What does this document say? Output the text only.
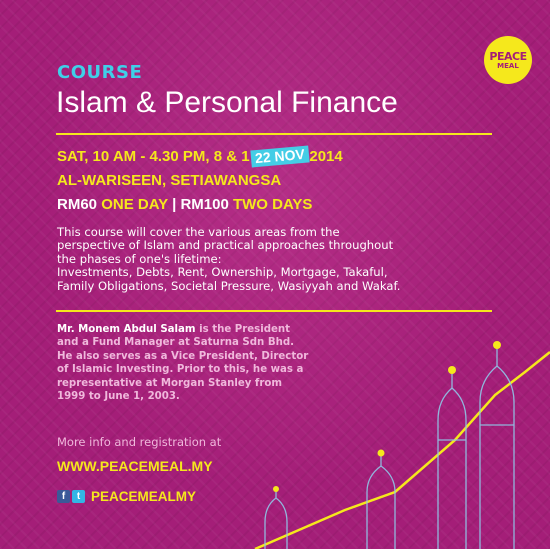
PEACE
MEAL
COURSE
Islam & Personal Finance
SAT, 10 AM - 4.30 PM, 8 & 1 22 NOV 2014
AL-WARISEEN, SETIAWANGSA
RM60 ONE DAY | RM100 TWO DAYS

This course will cover the various areas from the

perspective of Islam and practical approaches throughout

the phases of one's lifetime:

Investments, Debts, Rent, Ownership, Mortgage, Takaful,

Family Obligations, Societal Pressure, Wasiyyah and Wakaf.

Mr. Monem Abdul Salam is the President

and a Fund Manager at Saturna Sdn Bhd.

He also serves as a Vice President, Director

of Islamic Investing. Prior to this, he was a

representative at Morgan Stanley from

1999 to June 1, 2003.

More info and registration at
WWW.PEACEMEAL.MY
f	t PEACEMEALMY
